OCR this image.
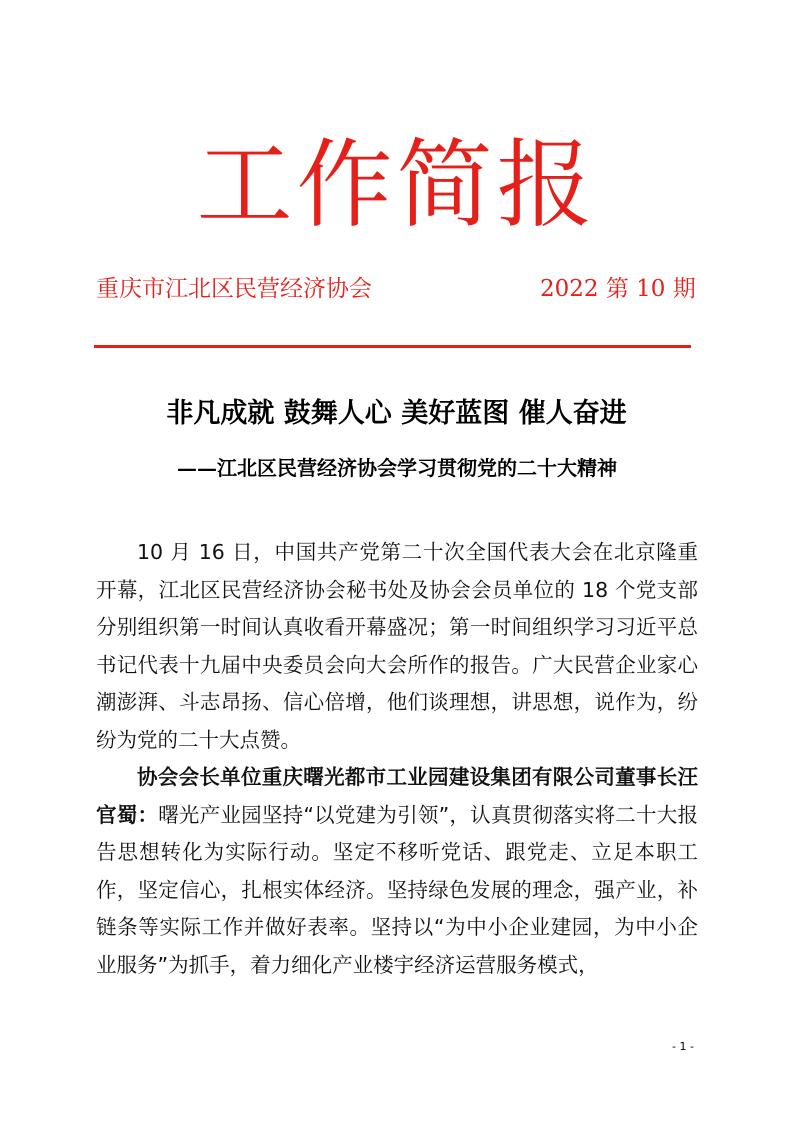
工作简报
重庆市江北区民营经济协会	2022 第 10 期
非凡成就 鼓舞人心 美好蓝图 催人奋进
——江北区民营经济协会学习贯彻党的二十大精神

10 月 16 日，中国共产党第二十次全国代表大会在北京隆重开幕，江北区民营经济协会秘书处及协会会员单位的 18 个党支部分别组织第一时间认真收看开幕盛况；第一时间组织学习习近平总书记代表十九届中央委员会向大会所作的报告。广大民营企业家心潮澎湃、斗志昂扬、信心倍增，他们谈理想，讲思想，说作为，纷纷为党的二十大点赞。

协会会长单位重庆曙光都市工业园建设集团有限公司董事长汪官蜀：曙光产业园坚持“以党建为引领”，认真贯彻落实将二十大报告思想转化为实际行动。坚定不移听党话、跟党走、立足本职工作，坚定信心，扎根实体经济。坚持绿色发展的理念，强产业，补链条等实际工作并做好表率。坚持以“为中小企业建园，为中小企业服务”为抓手，着力细化产业楼宇经济运营服务模式，

- 1 -
